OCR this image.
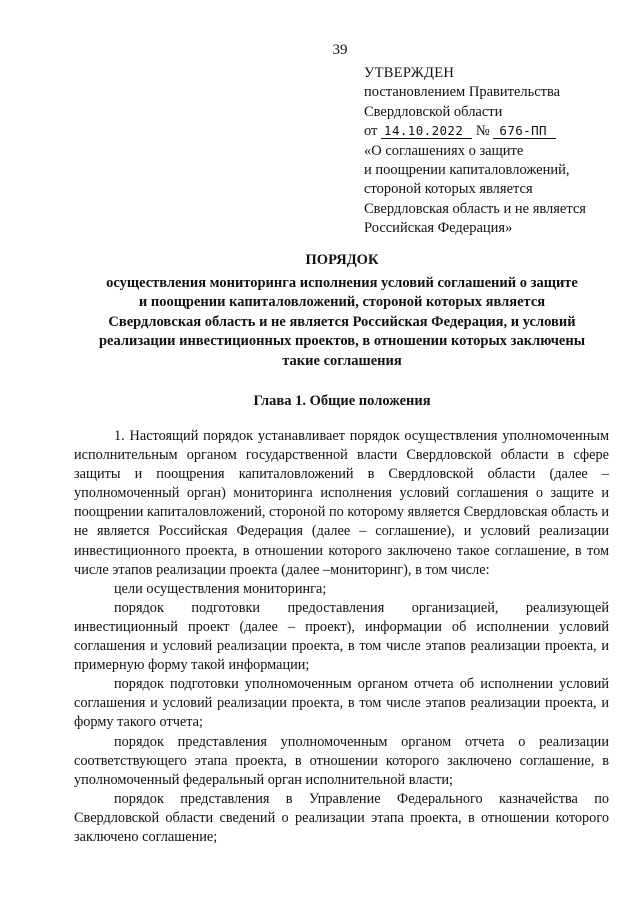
39
УТВЕРЖДЕН
постановлением Правительства
Свердловской области
от 14.10.2022 № 676-ПП
«О соглашениях о защите
и поощрении капиталовложений,
стороной которых является
Свердловская область и не является
Российская Федерация»
ПОРЯДОК
осуществления мониторинга исполнения условий соглашений о защите
и поощрении капиталовложений, стороной которых является
Свердловская область и не является Российская Федерация, и условий
реализации инвестиционных проектов, в отношении которых заключены
такие соглашения
Глава 1. Общие положения

1. Настоящий порядок устанавливает порядок осуществления уполномоченным исполнительным органом государственной власти Свердловской области в сфере защиты и поощрения капиталовложений в Свердловской области (далее – уполномоченный орган) мониторинга исполнения условий соглашения о защите и поощрении капиталовложений, стороной по которому является Свердловская область и не является Российская Федерация (далее – соглашение), и условий реализации инвестиционного проекта, в отношении которого заключено такое соглашение, в том числе этапов реализации проекта (далее –мониторинг), в том числе:

цели осуществления мониторинга;

порядок подготовки предоставления организацией, реализующей инвестиционный проект (далее – проект), информации об исполнении условий соглашения и условий реализации проекта, в том числе этапов реализации проекта, и примерную форму такой информации;

порядок подготовки уполномоченным органом отчета об исполнении условий соглашения и условий реализации проекта, в том числе этапов реализации проекта, и форму такого отчета;

порядок представления уполномоченным органом отчета о реализации соответствующего этапа проекта, в отношении которого заключено соглашение, в уполномоченный федеральный орган исполнительной власти;

порядок представления в Управление Федерального казначейства по Свердловской области сведений о реализации этапа проекта, в отношении которого заключено соглашение;
